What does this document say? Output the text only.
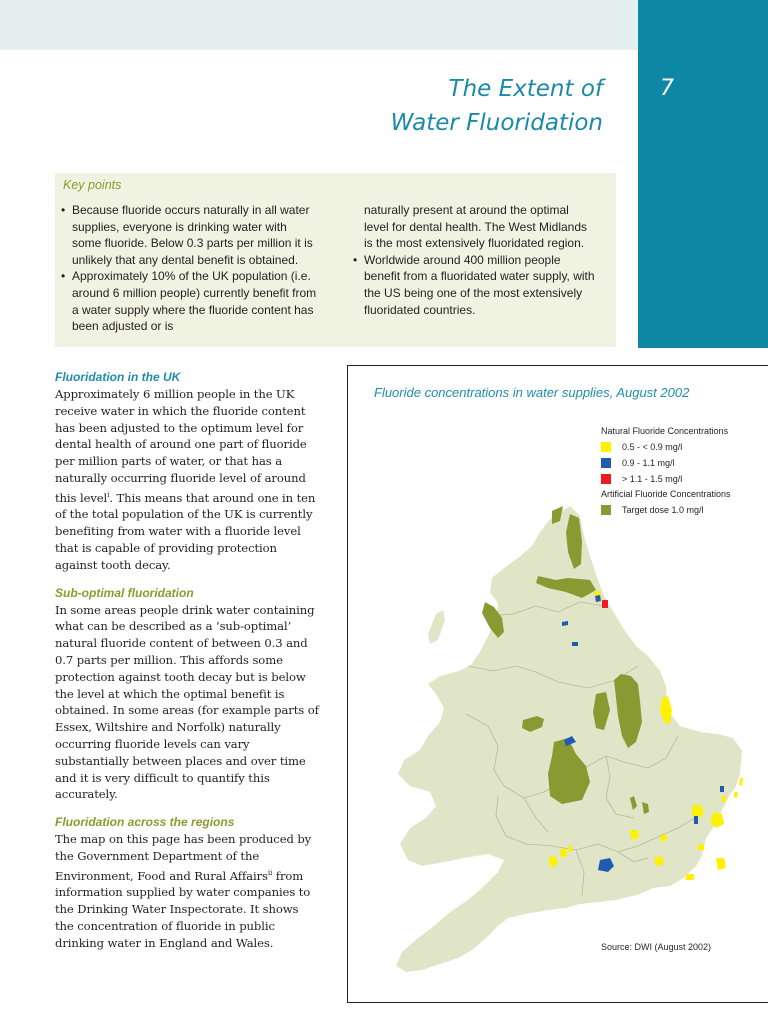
7
The Extent of
Water Fluoridation
Key points
• Because fluoride occurs naturally in all water supplies, everyone is drinking water with some fluoride. Below 0.3 parts per million it is unlikely that any dental benefit is obtained.
• Approximately 10% of the UK population (i.e. around 6 million people) currently benefit from a water supply where the fluoride content has been adjusted or is
naturally present at around the optimal level for dental health. The West Midlands is the most extensively fluoridated region.
• Worldwide around 400 million people benefit from a fluoridated water supply, with the US being one of the most extensively fluoridated countries.
Fluoridation in the UK

Approximately 6 million people in the UK receive water in which the fluoride content has been adjusted to the optimum level for dental health of around one part of fluoride per million parts of water, or that has a naturally occurring fluoride level of around this level$^i$. This means that around one in ten of the total population of the UK is currently benefiting from water with a fluoride level that is capable of providing protection against tooth decay.

Sub-optimal fluoridation

In some areas people drink water containing what can be described as a ‘sub-optimal’ natural fluoride content of between 0.3 and 0.7 parts per million. This affords some protection against tooth decay but is below the level at which the optimal benefit is obtained. In some areas (for example parts of Essex, Wiltshire and Norfolk) naturally occurring fluoride levels can vary substantially between places and over time and it is very difficult to quantify this accurately.

Fluoridation across the regions

The map on this page has been produced by the Government Department of the Environment, Food and Rural Affairs$^{ii}$ from information supplied by water companies to the Drinking Water Inspectorate. It shows the concentration of fluoride in public drinking water in England and Wales.

Fluoride concentrations in water supplies, August 2002
Natural Fluoride Concentrations
0.5 - < 0.9 mg/l
0.9 - 1.1 mg/l
> 1.1 - 1.5 mg/l
Artificial Fluoride Concentrations
Target dose 1.0 mg/l
Source: DWI (August 2002)
